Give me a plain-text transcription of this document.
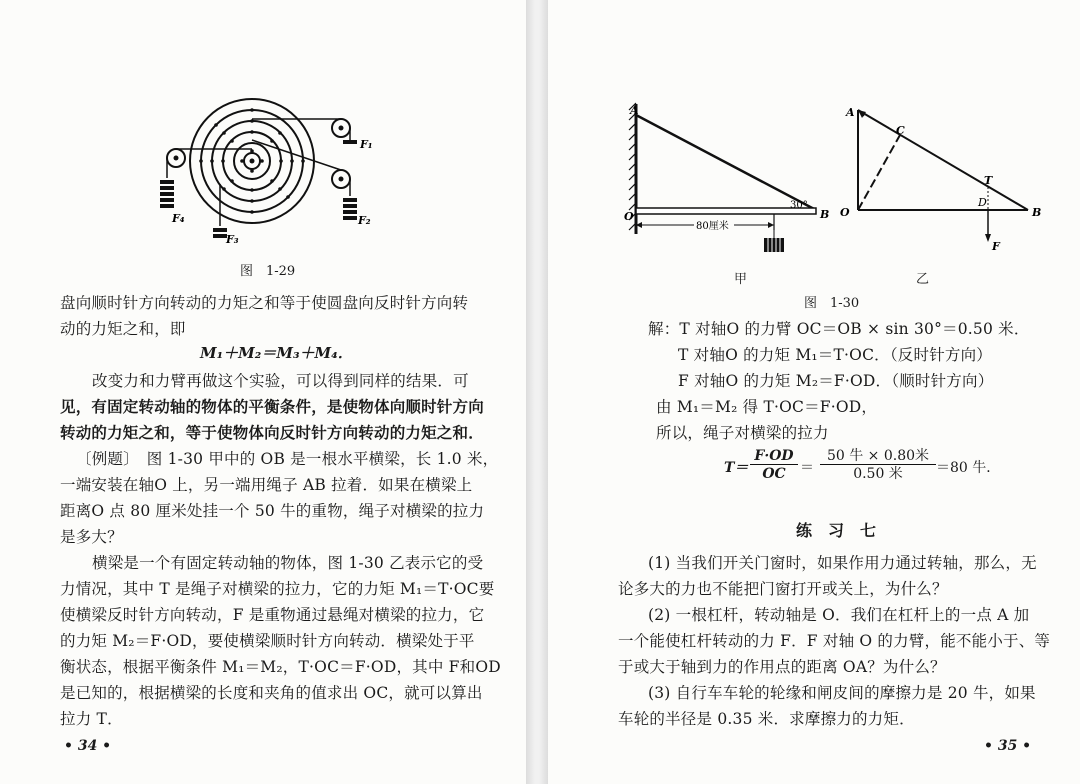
F₁
F₂
F₃
F₄
图　1-29
盘向顺时针方向转动的力矩之和等于使圆盘向反时针方向转
动的力矩之和，即
M₁＋M₂＝M₃＋M₄．
改变力和力臂再做这个实验，可以得到同样的结果．可
见，有固定转动轴的物体的平衡条件，是使物体向顺时针方向
转动的力矩之和，等于使物体向反时针方向转动的力矩之和．
〔例题〕　图 1-30 甲中的 OB 是一根水平横梁，长 1.0 米，
一端安装在轴O 上，另一端用绳子 AB 拉着．如果在横梁上
距离O 点 80 厘米处挂一个 50 牛的重物，绳子对横梁的拉力
是多大？
横梁是一个有固定转动轴的物体，图 1-30 乙表示它的受
力情况，其中 T 是绳子对横梁的拉力，它的力矩 M₁＝T·OC要
使横梁反时针方向转动，F 是重物通过悬绳对横梁的拉力，它
的力矩 M₂＝F·OD，要使横梁顺时针方向转动．横梁处于平
衡状态，根据平衡条件 M₁＝M₂，T·OC＝F·OD，其中 F和OD
是已知的，根据横梁的长度和夹角的值求出 OC，就可以算出
拉力 T．
• 34 •
A
O	B
30°
80厘米
A
C
T
O
D
B
F
甲	乙
图　1-30
解：T 对轴O 的力臂 OC＝OB × sin 30°＝0.50 米．
T 对轴O 的力矩 M₁＝T·OC．（反时针方向）
F 对轴O 的力矩 M₂＝F·OD．（顺时针方向）
由 M₁＝M₂ 得 T·OC＝F·OD，
所以，绳子对横梁的拉力
$T= \frac{F\cdot OD}{OC}$ ＝
50 牛 × 0.80米
0.50 米	＝80 牛．
练　习　七
(1) 当我们开关门窗时，如果作用力通过转轴，那么，无
论多大的力也不能把门窗打开或关上，为什么？
(2) 一根杠杆，转动轴是 O．我们在杠杆上的一点 A 加
一个能使杠杆转动的力 F．F 对轴 O 的力臂，能不能小于、等
于或大于轴到力的作用点的距离 OA？为什么？
(3) 自行车车轮的轮缘和闸皮间的摩擦力是 20 牛，如果
车轮的半径是 0.35 米．求摩擦力的力矩．
• 35 •
